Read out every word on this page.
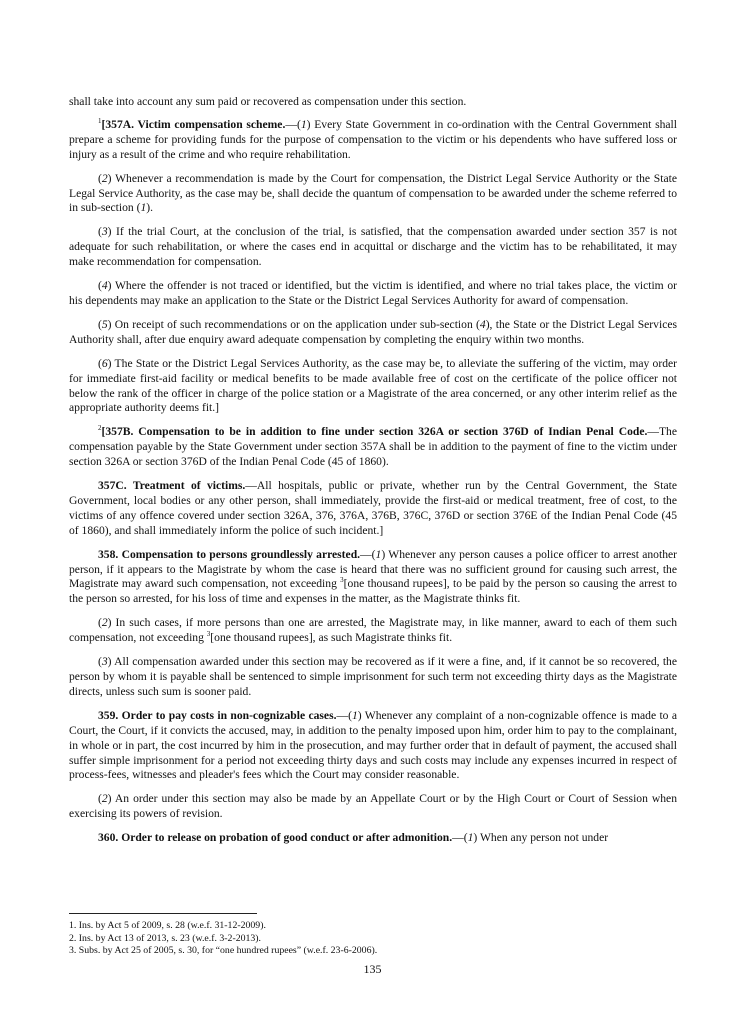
shall take into account any sum paid or recovered as compensation under this section.

$^1$[357A. Victim compensation scheme.—(1) Every State Government in co-ordination with the Central Government shall prepare a scheme for providing funds for the purpose of compensation to the victim or his dependents who have suffered loss or injury as a result of the crime and who require rehabilitation.

(2) Whenever a recommendation is made by the Court for compensation, the District Legal Service Authority or the State Legal Service Authority, as the case may be, shall decide the quantum of compensation to be awarded under the scheme referred to in sub-section (1).

(3) If the trial Court, at the conclusion of the trial, is satisfied, that the compensation awarded under section 357 is not adequate for such rehabilitation, or where the cases end in acquittal or discharge and the victim has to be rehabilitated, it may make recommendation for compensation.

(4) Where the offender is not traced or identified, but the victim is identified, and where no trial takes place, the victim or his dependents may make an application to the State or the District Legal Services Authority for award of compensation.

(5) On receipt of such recommendations or on the application under sub-section (4), the State or the District Legal Services Authority shall, after due enquiry award adequate compensation by completing the enquiry within two months.

(6) The State or the District Legal Services Authority, as the case may be, to alleviate the suffering of the victim, may order for immediate first-aid facility or medical benefits to be made available free of cost on the certificate of the police officer not below the rank of the officer in charge of the police station or a Magistrate of the area concerned, or any other interim relief as the appropriate authority deems fit.]

$^2$[357B. Compensation to be in addition to fine under section 326A or section 376D of Indian Penal Code.—The compensation payable by the State Government under section 357A shall be in addition to the payment of fine to the victim under section 326A or section 376D of the Indian Penal Code (45 of 1860).

357C. Treatment of victims.—All hospitals, public or private, whether run by the Central Government, the State Government, local bodies or any other person, shall immediately, provide the first-aid or medical treatment, free of cost, to the victims of any offence covered under section 326A, 376, 376A, 376B, 376C, 376D or section 376E of the Indian Penal Code (45 of 1860), and shall immediately inform the police of such incident.]

358. Compensation to persons groundlessly arrested.—(1) Whenever any person causes a police officer to arrest another person, if it appears to the Magistrate by whom the case is heard that there was no sufficient ground for causing such arrest, the Magistrate may award such compensation, not exceeding $^3$[one thousand rupees], to be paid by the person so causing the arrest to the person so arrested, for his loss of time and expenses in the matter, as the Magistrate thinks fit.

(2) In such cases, if more persons than one are arrested, the Magistrate may, in like manner, award to each of them such compensation, not exceeding $^3$[one thousand rupees], as such Magistrate thinks fit.

(3) All compensation awarded under this section may be recovered as if it were a fine, and, if it cannot be so recovered, the person by whom it is payable shall be sentenced to simple imprisonment for such term not exceeding thirty days as the Magistrate directs, unless such sum is sooner paid.

359. Order to pay costs in non-cognizable cases.—(1) Whenever any complaint of a non-cognizable offence is made to a Court, the Court, if it convicts the accused, may, in addition to the penalty imposed upon him, order him to pay to the complainant, in whole or in part, the cost incurred by him in the prosecution, and may further order that in default of payment, the accused shall suffer simple imprisonment for a period not exceeding thirty days and such costs may include any expenses incurred in respect of process-fees, witnesses and pleader's fees which the Court may consider reasonable.

(2) An order under this section may also be made by an Appellate Court or by the High Court or Court of Session when exercising its powers of revision.

360. Order to release on probation of good conduct or after admonition.—(1) When any person not under

1. Ins. by Act 5 of 2009, s. 28 (w.e.f. 31-12-2009).

2. Ins. by Act 13 of 2013, s. 23 (w.e.f. 3-2-2013).

3. Subs. by Act 25 of 2005, s. 30, for “one hundred rupees” (w.e.f. 23-6-2006).

135
